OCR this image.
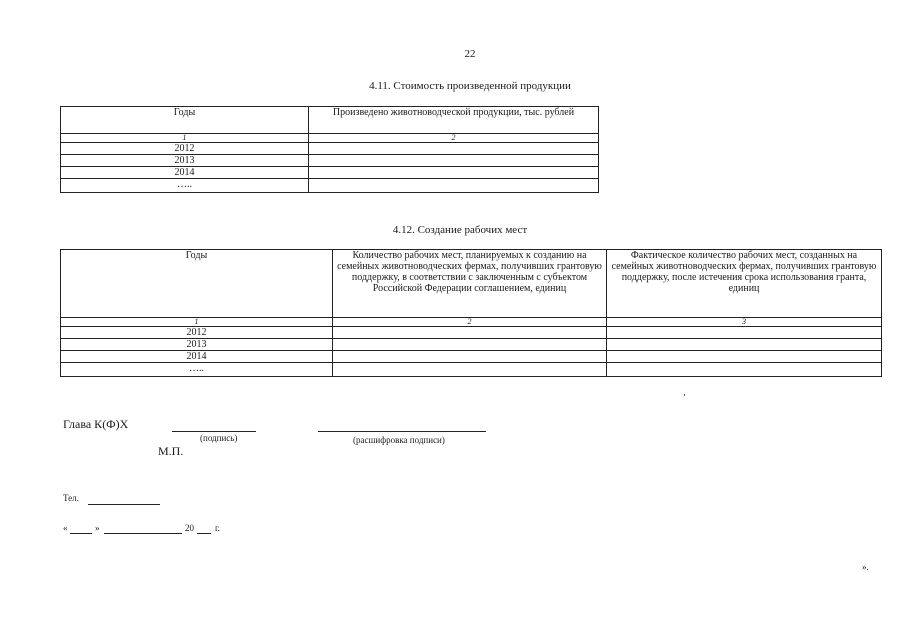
22
4.11. Стоимость произведенной продукции
Годы	Произведено животноводческой продукции, тыс. рублей
1	2
2012	
2013	
2014	
…..	
4.12. Создание рабочих мест
Годы	Количество рабочих мест, планируемых к созданию на семейных животноводческих фермах, получивших грантовую поддержку, в соответствии с заключенным с субъектом Российской Федерации соглашением, единиц	Фактическое количество рабочих мест, созданных на семейных животноводческих фермах, получивших грантовую поддержку, после истечения срока использования гранта, единиц
1	2	3
2012		
2013		
2014		
…..		
Глава К(Ф)Х
(подпись)	(расшифровка подписи)
М.П.
Тел.
«	»	20 г.
».
